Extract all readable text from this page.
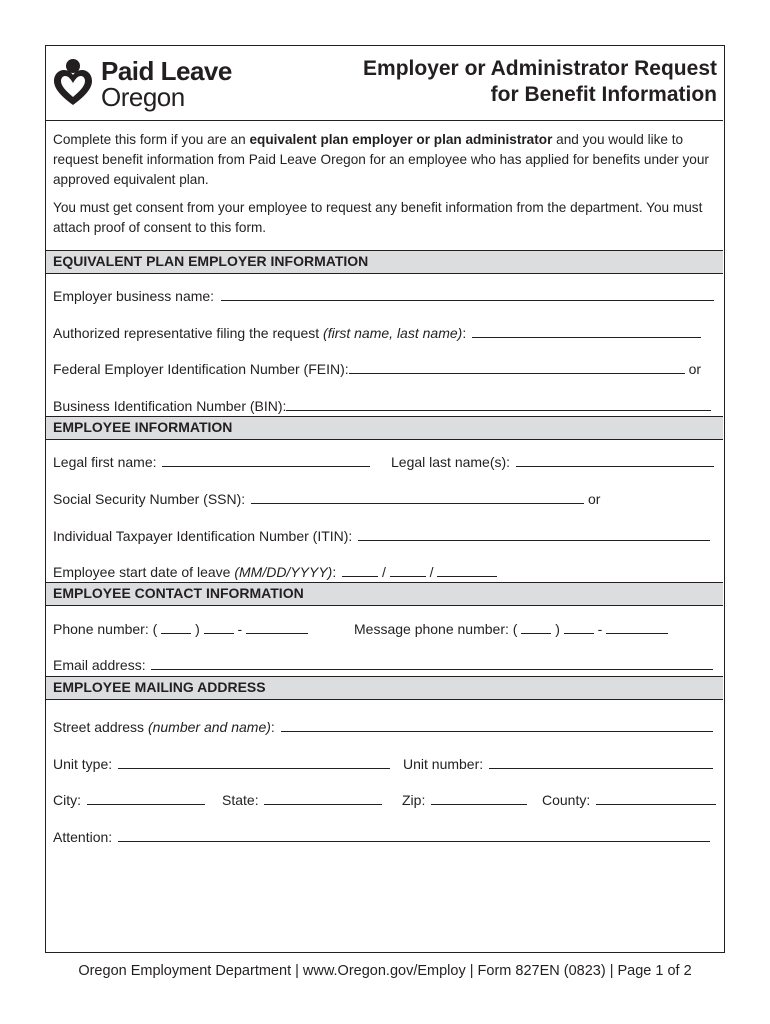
Paid Leave
Oregon
Employer or Administrator Request
for Benefit Information

Complete this form if you are an equivalent plan employer or plan administrator and you would like to request benefit information from Paid Leave Oregon for an employee who has applied for benefits under your approved equivalent plan.

You must get consent from your employee to request any benefit information from the department. You must attach proof of consent to this form.

EQUIVALENT PLAN EMPLOYER INFORMATION
Employer business name:
Authorized representative filing the request (first name, last name):
Federal Employer Identification Number (FEIN):	or
Business Identification Number (BIN):
EMPLOYEE INFORMATION
Legal first name:	Legal last name(s):
Social Security Number (SSN):	or
Individual Taxpayer Identification Number (ITIN):
Employee start date of leave (MM/DD/YYYY):	/	/
EMPLOYEE CONTACT INFORMATION
Phone number: (	)	-	Message phone number: (	)	-
Email address:
EMPLOYEE MAILING ADDRESS
Street address (number and name):
Unit type:	Unit number:
City:	State:	Zip:	County:
Attention:
Oregon Employment Department | www.Oregon.gov/Employ | Form 827EN (0823) | Page 1 of 2
